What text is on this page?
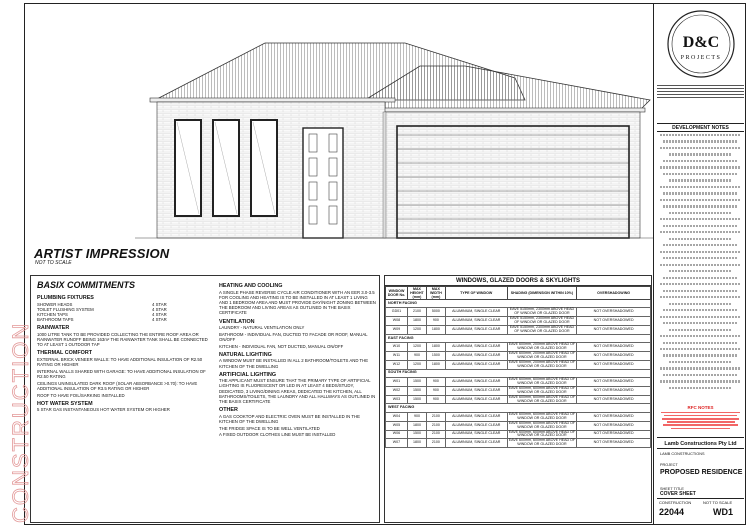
ARTIST IMPRESSION
NOT TO SCALE
CONSTRUCTION
BASIX COMMITMENTS
PLUMBING FIXTURES
SHOWER HEADS	4 STAR
TOILET FLUSHING SYSTEM	4 STAR
KITCHEN TAPS	4 STAR
BATHROOM TAPS	4 STAR
RAINWATER
1000 LITRE TANK TO BE PROVIDED COLLECTING THE ENTIRE ROOF AREA OR RAINWATER RUNOFF BEING 163m² THE RAINWATER TANK SHALL BE CONNECTED TO AT LEAST 1 OUTDOOR TAP
THERMAL COMFORT
EXTERNAL BRICK VENEER WALLS: TO HAVE ADDITIONAL INSULATION OF R2.50 RATING OR HIGHER
INTERNAL WALLS SHARED WITH GARAGE: TO HAVE ADDITIONAL INSULATION OF R2.50 RATING
CEILINGS UNINSULATED DARK ROOF (SOLAR ABSORBANCE >0.70): TO HAVE ADDITIONAL INSULATION OF R3.5 RATING OR HIGHER
ROOF TO HAVE FOIL/SARKING INSTALLED
HOT WATER SYSTEM
5 STAR GAS INSTANTANEOUS HOT WATER SYSTEM OR HIGHER
HEATING AND COOLING
A SINGLE PHASE REVERSE CYCLE AIR CONDITIONER WITH AN EER 3.0-3.5 FOR COOLING AND HEATING IS TO BE INSTALLED IN AT LEAST 1 LIVING AND 1 BEDROOM AREA AND MUST PROVIDE DAY/NIGHT ZONING BETWEEN THE BEDROOM AND LIVING AREAS AS OUTLINED IN THE BASIX CERTIFICATE
VENTILATION
LAUNDRY - NATURAL VENTILATION ONLY
BATHROOM - INDIVIDUAL FAN, DUCTED TO FACADE OR ROOF, MANUAL ON/OFF
KITCHEN - INDIVIDUAL FAN, NOT DUCTED, MANUAL ON/OFF
NATURAL LIGHTING
A WINDOW MUST BE INSTALLED IN ALL 2 BATHROOM/TOILETS AND THE KITCHEN OF THE DWELLING
ARTIFICIAL LIGHTING
THE APPLICANT MUST ENSURE THAT THE PRIMARY TYPE OF ARTIFICIAL LIGHTING IS FLUORESCENT OR LED IN AT LEAST 4 BEDS/STUDY, DEDICATED, 3 LIVING/DINING AREAS, DEDICATED THE KITCHEN, ALL BATHROOMS/TOILETS, THE LAUNDRY AND ALL HALLWAYS AS OUTLINED IN THE BASIX CERTIFICATE
OTHER
A GAS COOKTOP AND ELECTRIC OVEN MUST BE INSTALLED IN THE KITCHEN OF THE DWELLING
THE FRIDGE SPACE IS TO BE WELL VENTILATED
A FIXED OUTDOOR CLOTHES LINE MUST BE INSTALLED
WINDOWS, GLAZED DOORS & SKYLIGHTS
WINDOW DOOR No.	MAX HEIGHT (mm)	MAX WIDTH (mm)	TYPE OF WINDOW	SHADING (DIMENSION WITHIN 10%)	OVERSHADOWING
NORTH FACING					
GD01	2100	5000	ALUMINIUM, SINGLE CLEAR	EAVE 5150mm, 2300mm ABOVE HEAD OF WINDOW OR GLAZED DOOR	NOT OVERSHADOWED
W08	1800	900	ALUMINIUM, SINGLE CLEAR	EAVE 5150mm, 2300mm ABOVE HEAD OF WINDOW OR GLAZED DOOR	NOT OVERSHADOWED
W09	1200	1800	ALUMINIUM, SINGLE CLEAR	EAVE 5150mm, 2300mm ABOVE HEAD OF WINDOW OR GLAZED DOOR	NOT OVERSHADOWED
EAST FACING					
W10	1200	1800	ALUMINIUM, SINGLE CLEAR	EAVE 600mm, 200mm ABOVE HEAD OF WINDOW OR GLAZED DOOR	NOT OVERSHADOWED
W11	900	1500	ALUMINIUM, SINGLE CLEAR	EAVE 600mm, 200mm ABOVE HEAD OF WINDOW OR GLAZED DOOR	NOT OVERSHADOWED
W12	1200	1800	ALUMINIUM, SINGLE CLEAR	EAVE 600mm, 200mm ABOVE HEAD OF WINDOW OR GLAZED DOOR	NOT OVERSHADOWED
SOUTH FACING					
W01	1500	900	ALUMINIUM, SINGLE CLEAR	EAVE 600mm, 600mm ABOVE HEAD OF WINDOW OR GLAZED DOOR	NOT OVERSHADOWED
W02	1500	900	ALUMINIUM, SINGLE CLEAR	EAVE 600mm, 600mm ABOVE HEAD OF WINDOW OR GLAZED DOOR	NOT OVERSHADOWED
W03	1500	900	ALUMINIUM, SINGLE CLEAR	EAVE 600mm, 600mm ABOVE HEAD OF WINDOW OR GLAZED DOOR	NOT OVERSHADOWED
WEST FACING					
W04	900	2100	ALUMINIUM, SINGLE CLEAR	EAVE 600mm, 600mm ABOVE HEAD OF WINDOW OR GLAZED DOOR	NOT OVERSHADOWED
W05	1800	2100	ALUMINIUM, SINGLE CLEAR	EAVE 600mm, 600mm ABOVE HEAD OF WINDOW OR GLAZED DOOR	NOT OVERSHADOWED
W06	1500	2100	ALUMINIUM, SINGLE CLEAR	EAVE 600mm, 600mm ABOVE HEAD OF WINDOW OR GLAZED DOOR	NOT OVERSHADOWED
W07	1800	2100	ALUMINIUM, SINGLE CLEAR	EAVE 600mm, 600mm ABOVE HEAD OF WINDOW OR GLAZED DOOR	NOT OVERSHADOWED
D&C
PROJECTS
DEVELOPMENT NOTES
RFC NOTES
Lamb Constructions Pty Ltd
LAMB CONSTRUCTIONS
PROJECT
PROPOSED RESIDENCE
SHEET TITLE
COVER SHEET
CONSTRUCTION	NOT TO SCALE
22044	WD1
